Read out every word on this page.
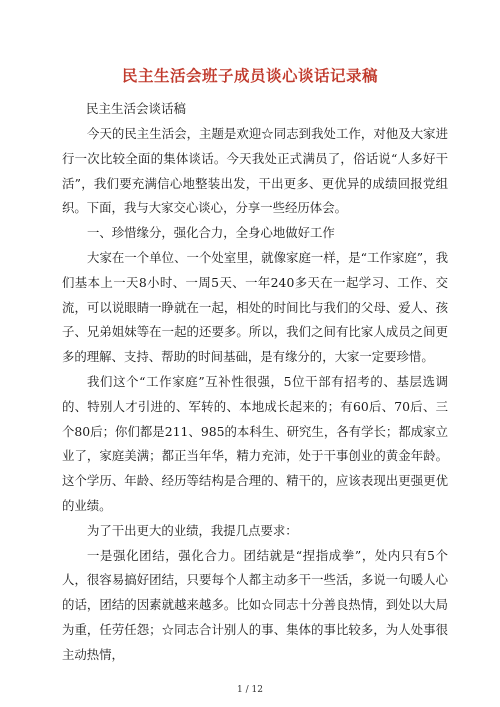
民主生活会班子成员谈心谈话记录稿
民主生活会谈话稿

今天的民主生活会，主题是欢迎☆同志到我处工作，对他及大家进行一次比较全面的集体谈话。今天我处正式满员了，俗话说“人多好干活”，我们要充满信心地整装出发，干出更多、更优异的成绩回报党组织。下面，我与大家交心谈心，分享一些经历体会。

一、珍惜缘分，强化合力，全身心地做好工作

大家在一个单位、一个处室里，就像家庭一样，是“工作家庭”，我们基本上一天8小时、一周5天、一年240多天在一起学习、工作、交流，可以说眼睛一睁就在一起，相处的时间比与我们的父母、爱人、孩子、兄弟姐妹等在一起的还要多。所以，我们之间有比家人成员之间更多的理解、支持、帮助的时间基础，是有缘分的，大家一定要珍惜。

我们这个“工作家庭”互补性很强，5位干部有招考的、基层选调的、特别人才引进的、军转的、本地成长起来的；有60后、70后、三个80后；你们都是211、985的本科生、研究生，各有学长；都成家立业了，家庭美满；都正当年华，精力充沛，处于干事创业的黄金年龄。这个学历、年龄、经历等结构是合理的、精干的，应该表现出更强更优的业绩。

为了干出更大的业绩，我提几点要求：

一是强化团结，强化合力。团结就是“捏指成拳”，处内只有5个人，很容易搞好团结，只要每个人都主动多干一些活，多说一句暖人心的话，团结的因素就越来越多。比如☆同志十分善良热情，到处以大局为重，任劳任怨；☆同志合计别人的事、集体的事比较多，为人处事很主动热情，

1 / 12
